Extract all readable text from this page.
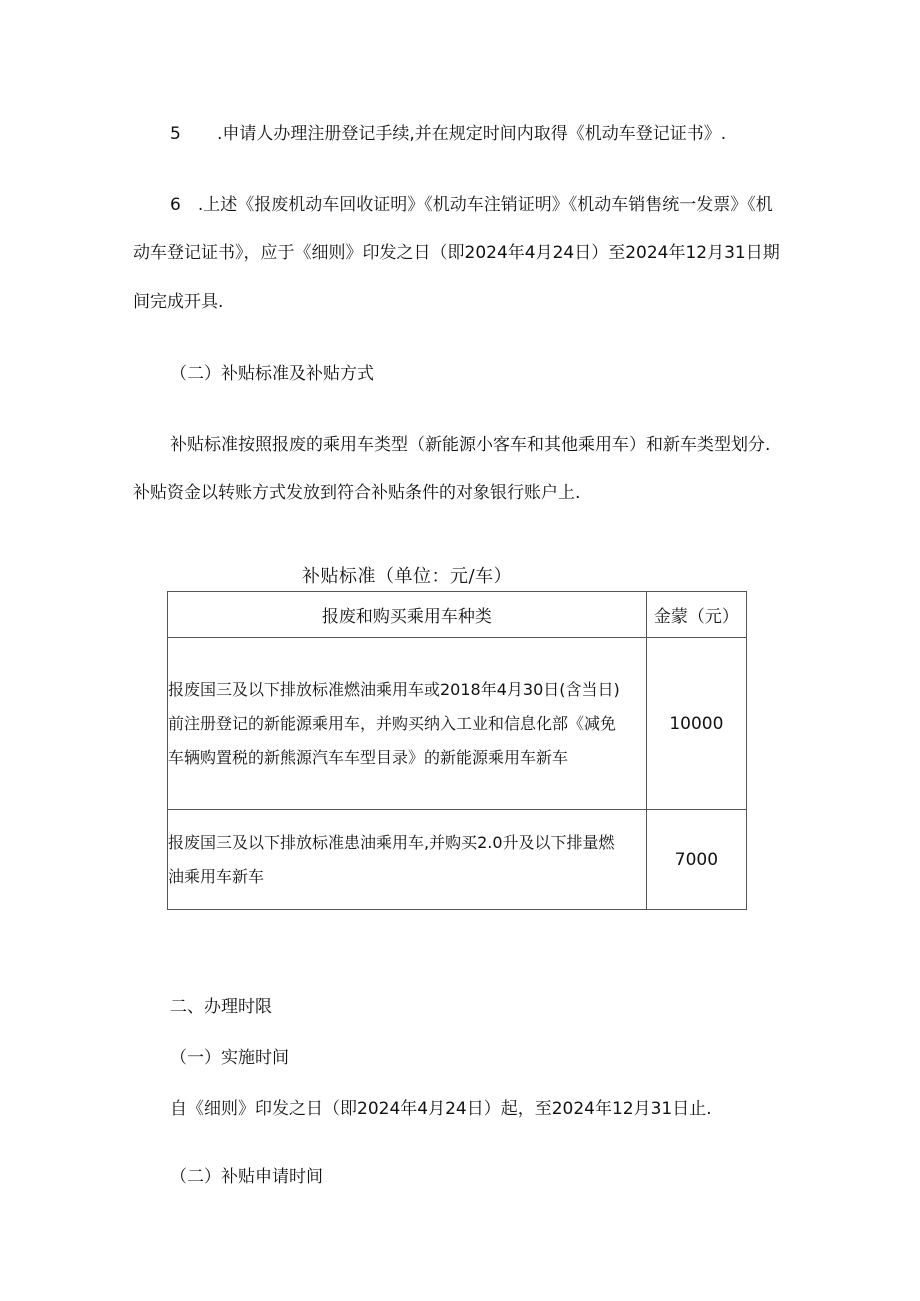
5 .申请人办理注册登记手续,并在规定时间内取得《机动车登记证书》.
6 .上述《报废机动车回收证明》《机动车注销证明》《机动车销售统一发票》《机
动车登记证书》，应于《细则》印发之日（即2024年4月24日）至2024年12月31日期
间完成开具.
（二）补贴标准及补贴方式
补贴标准按照报废的乘用车类型（新能源小客车和其他乘用车）和新车类型划分.
补贴资金以转账方式发放到符合补贴条件的对象银行账户上.
补贴标准（单位：元/车）
报废和购买乘用车种类	金蒙（元）

报废国三及以下排放标准燃油乘用车或2018年4月30日(含当日)
前注册登记的新能源乘用车，并购买纳入工业和信息化部《减免
车辆购置税的新熊源汽车车型目录》的新能源乘用车新车	10000

报废国三及以下排放标准患油乘用车,并购买2.0升及以下排量燃
油乘用车新车	7000
二、办理时限
（一）实施时间
自《细则》印发之日（即2024年4月24日）起，至2024年12月31日止.
（二）补贴申请时间
